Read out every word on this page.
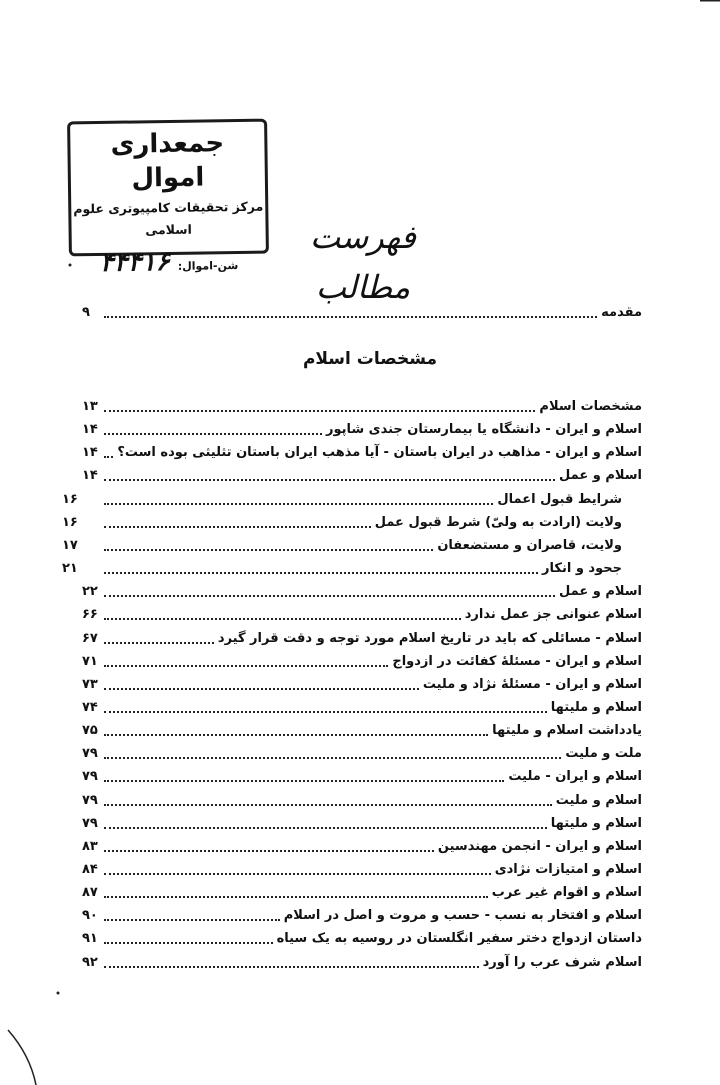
جمعداری اموال
مرکز تحقیقات کامپیوتری علوم اسلامی
شن-اموال:
۴۴۴۱۶
فهرست مطالب
مقدمه
۹
مشخصات اسلام
مشخصات اسلام
۱۳
اسلام و ایران - دانشگاه یا بیمارستان جندی شاپور
۱۴
اسلام و ایران - مذاهب در ایران باستان - آیا مذهب ایران باستان تثلیثی بوده است؟
۱۴
اسلام و عمل
۱۴
شرایط قبول اعمال
۱۶
ولایت (ارادت به ولیّ) شرط قبول عمل
۱۶
ولایت، قاصران و مستضعفان
۱۷
جحود و انکار
۲۱
اسلام و عمل
۲۲
اسلام عنوانی جز عمل ندارد
۶۶
اسلام - مسائلی که باید در تاریخ اسلام مورد توجه و دقت قرار گیرد
۶۷
اسلام و ایران - مسئلهٔ کفائت در ازدواج
۷۱
اسلام و ایران - مسئلهٔ نژاد و ملیت
۷۳
اسلام و ملیتها
۷۴
یادداشت اسلام و ملیتها
۷۵
ملت و ملیت
۷۹
اسلام و ایران - ملیت
۷۹
اسلام و ملیت
۷۹
اسلام و ملیتها
۷۹
اسلام و ایران - انجمن مهندسین
۸۳
اسلام و امتیازات نژادی
۸۴
اسلام و اقوام غیر عرب
۸۷
اسلام و افتخار به نسب - حسب و مروت و اصل در اسلام
۹۰
داستان ازدواج دختر سفیر انگلستان در روسیه به یک سیاه
۹۱
اسلام شرف عرب را آورد
۹۲
